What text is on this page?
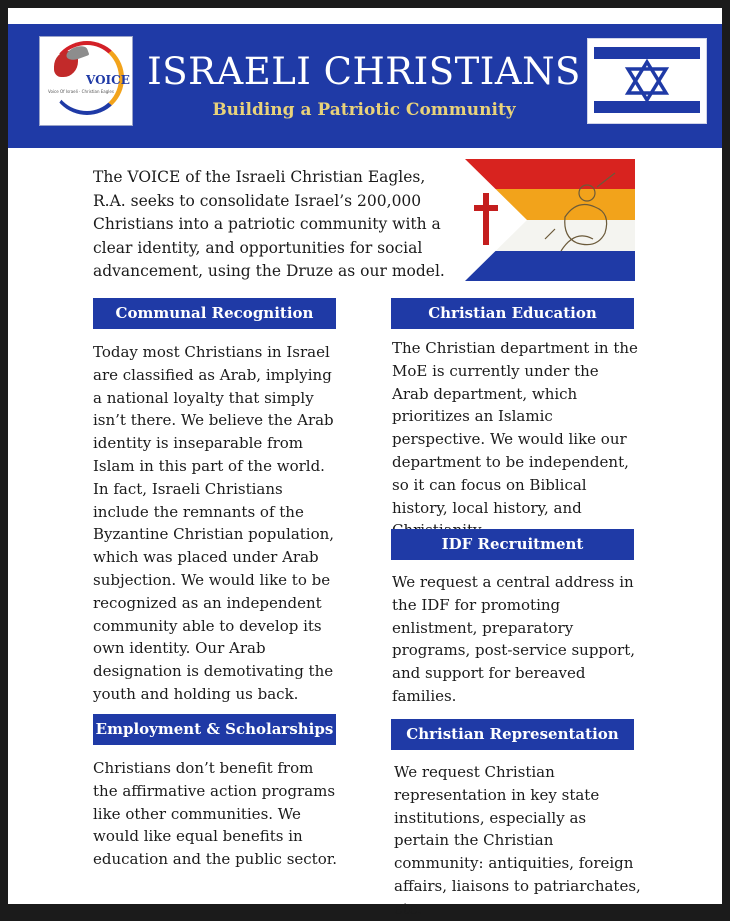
VOICE
Voice Of Israeli · Christian Eagles ISRAELI CHRISTIANS
Building a Patriotic Community
The VOICE of the Israeli Christian Eagles, R.A. seeks to consolidate Israel’s 200,000 Christians into a patriotic community with a clear identity, and opportunities for social advancement, using the Druze as our model.
Communal Recognition
Today most Christians in Israel are classified as Arab, implying a national loyalty that simply isn’t there. We believe the Arab identity is inseparable from Islam in this part of the world. In fact, Israeli Christians include the remnants of the Byzantine Christian population, which was placed under Arab subjection. We would like to be recognized as an independent community able to develop its own identity. Our Arab designation is demotivating the youth and holding us back.
Employment & Scholarships
Christians don’t benefit from the affirmative action programs like other communities. We would like equal benefits in education and the public sector.
Christian Education
The Christian department in the MoE is currently under the Arab department, which prioritizes an Islamic perspective. We would like our department to be independent, so it can focus on Biblical history, local history, and
IDF Recruitment
We request a central address in the IDF for promoting enlistment, preparatory programs, post-service support, and support for bereaved families.
Christian Representation
We request Christian representation in key state institutions, especially as pertain the Christian community: antiquities, foreign affairs, liaisons to patriarchates, etc.
